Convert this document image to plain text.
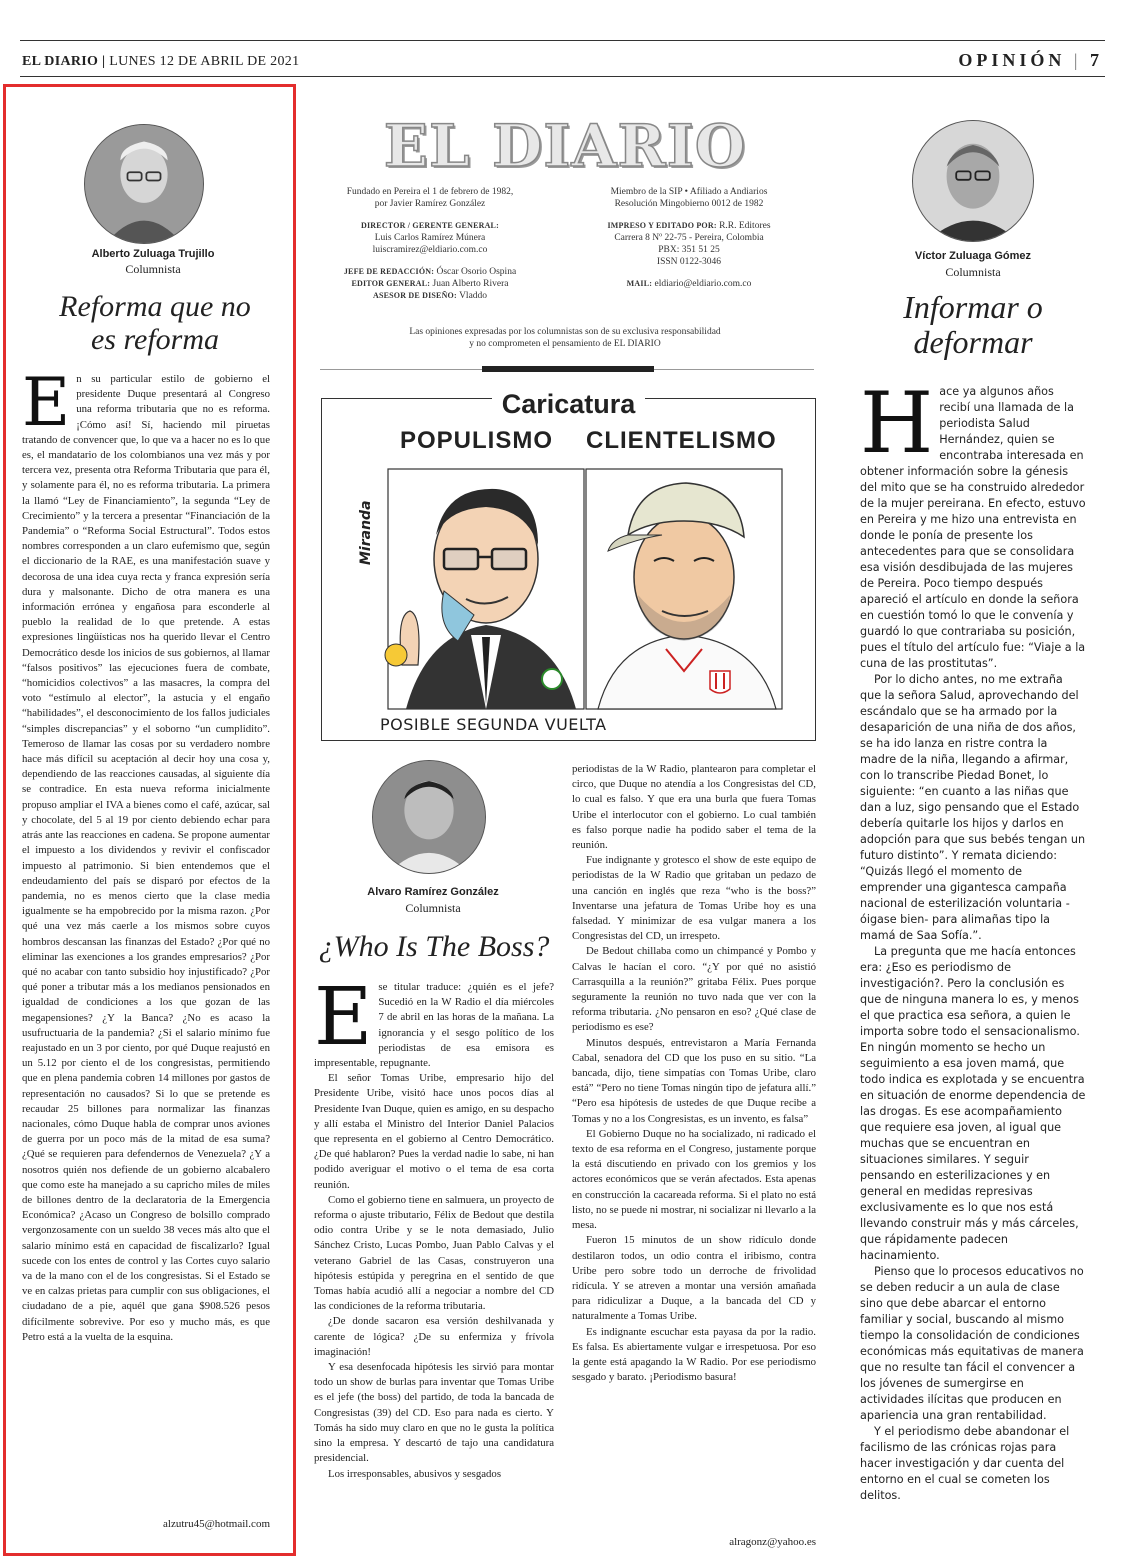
EL DIARIO | LUNES 12 DE ABRIL DE 2021	OPINIÓN | 7
Alberto Zuluaga Trujillo
Columnista
Reforma que no
es reforma

En su particular estilo de gobierno el presidente Duque presentará al Congreso una reforma tributaria que no es reforma. ¡Cómo así! Sí, haciendo mil piruetas tratando de convencer que, lo que va a hacer no es lo que es, el mandatario de los colombianos una vez más y por tercera vez, presenta otra Reforma Tributaria que para él, y solamente para él, no es reforma tributaria. La primera la llamó “Ley de Financiamiento”, la segunda “Ley de Crecimiento” y la tercera a presentar “Financiación de la Pandemia” o “Reforma Social Estructural”. Todos estos nombres corresponden a un claro eufemismo que, según el diccionario de la RAE, es una manifestación suave y decorosa de una idea cuya recta y franca expresión sería dura y malsonante. Dicho de otra manera es una información errónea y engañosa para esconderle al pueblo la realidad de lo que pretende. A estas expresiones lingüísticas nos ha querido llevar el Centro Democrático desde los inicios de sus gobiernos, al llamar “falsos positivos” las ejecuciones fuera de combate, “homicidios colectivos” a las masacres, la compra del voto “estímulo al elector”, la astucia y el engaño “habilidades”, el desconocimiento de los fallos judiciales “simples discrepancias” y el soborno “un cumplidito”. Temeroso de llamar las cosas por su verdadero nombre hace más difícil su aceptación al decir hoy una cosa y, dependiendo de las reacciones causadas, al siguiente día se contradice. En esta nueva reforma inicialmente propuso ampliar el IVA a bienes como el café, azúcar, sal y chocolate, del 5 al 19 por ciento debiendo echar para atrás ante las reacciones en cadena. Se propone aumentar el impuesto a los dividendos y revivir el confiscador impuesto al patrimonio. Si bien entendemos que el endeudamiento del país se disparó por efectos de la pandemia, no es menos cierto que la clase media igualmente se ha empobrecido por la misma razon. ¿Por qué una vez más caerle a los mismos sobre cuyos hombros descansan las finanzas del Estado? ¿Por qué no eliminar las exenciones a los grandes empresarios? ¿Por qué no acabar con tanto subsidio hoy injustificado? ¿Por qué poner a tributar más a los medianos pensionados en igualdad de condiciones a los que gozan de las megapensiones? ¿Y la Banca? ¿No es acaso la usufructuaria de la pandemia? ¿Si el salario mínimo fue reajustado en un 3 por ciento, por qué Duque reajustó en un 5.12 por ciento el de los congresistas, permitiendo que en plena pandemia cobren 14 millones por gastos de representación no causados? Si lo que se pretende es recaudar 25 billones para normalizar las finanzas nacionales, cómo Duque habla de comprar unos aviones de guerra por un poco más de la mitad de esa suma? ¿Qué se requieren para defendernos de Venezuela? ¿Y a nosotros quién nos defiende de un gobierno alcabalero que como este ha manejado a su capricho miles de miles de billones dentro de la declaratoria de la Emergencia Económica? ¿Acaso un Congreso de bolsillo comprado vergonzosamente con un sueldo 38 veces más alto que el salario mínimo está en capacidad de fiscalizarlo? Igual sucede con los entes de control y las Cortes cuyo salario va de la mano con el de los congresistas. Si el Estado se ve en calzas prietas para cumplir con sus obligaciones, el ciudadano de a pie, aquél que gana $908.526 pesos difícilmente sobrevive. Por eso y mucho más, es que Petro está a la vuelta de la esquina.

alzutru45@hotmail.com
EL DIARIO
Fundado en Pereira el 1 de febrero de 1982,
por Javier Ramírez González
DIRECTOR / GERENTE GENERAL:
Luis Carlos Ramírez Múnera
luiscramirez@eldiario.com.co
JEFE DE REDACCIÓN: Óscar Osorio Ospina
EDITOR GENERAL: Juan Alberto Rivera
ASESOR DE DISEÑO: Vladdo
Miembro de la SIP • Afiliado a Andiarios
Resolución Mingobierno 0012 de 1982
IMPRESO Y EDITADO POR: R.R. Editores
Carrera 8 Nº 22-75 - Pereira, Colombia
PBX: 351 51 25
ISSN 0122-3046
MAIL: eldiario@eldiario.com.co
Las opiniones expresadas por los columnistas son de su exclusiva responsabilidad
y no comprometen el pensamiento de EL DIARIO
Caricatura
POPULISMO CLIENTELISMO
Miranda
POSIBLE SEGUNDA VUELTA
Alvaro Ramírez González
Columnista
¿Who Is The Boss?

Ese titular traduce: ¿quién es el jefe? Sucedió en la W Radio el día miércoles 7 de abril en las horas de la mañana. La ignorancia y el sesgo político de los periodistas de esa emisora es impresentable, repugnante.

El señor Tomas Uribe, empresario hijo del Presidente Uribe, visitó hace unos pocos días al Presidente Ivan Duque, quien es amigo, en su despacho y allí estaba el Ministro del Interior Daniel Palacios que representa en el gobierno al Centro Democrático. ¿De qué hablaron? Pues la verdad nadie lo sabe, ni han podido averiguar el motivo o el tema de esa corta reunión.

Como el gobierno tiene en salmuera, un proyecto de reforma o ajuste tributario, Félix de Bedout que destila odio contra Uribe y se le nota demasiado, Julio Sánchez Cristo, Lucas Pombo, Juan Pablo Calvas y el veterano Gabriel de las Casas, construyeron una hipótesis estúpida y peregrina en el sentido de que Tomas había acudió allí a negociar a nombre del CD las condiciones de la reforma tributaria.

¿De donde sacaron esa versión deshilvanada y carente de lógica? ¿De su enfermiza y frívola imaginación!

Y esa desenfocada hipótesis les sirvió para montar todo un show de burlas para inventar que Tomas Uribe es el jefe (the boss) del partido, de toda la bancada de Congresistas (39) del CD. Eso para nada es cierto. Y Tomás ha sido muy claro en que no le gusta la política sino la empresa. Y descartó de tajo una candidatura presidencial.

Los irresponsables, abusivos y sesgados

periodistas de la W Radio, plantearon para completar el circo, que Duque no atendía a los Congresistas del CD, lo cual es falso. Y que era una burla que fuera Tomas Uribe el interlocutor con el gobierno. Lo cual también es falso porque nadie ha podido saber el tema de la reunión.

Fue indignante y grotesco el show de este equipo de periodistas de la W Radio que gritaban un pedazo de una canción en inglés que reza “who is the boss?” Inventarse una jefatura de Tomas Uribe hoy es una falsedad. Y minimizar de esa vulgar manera a los Congresistas del CD, un irrespeto.

De Bedout chillaba como un chimpancé y Pombo y Calvas le hacían el coro. “¿Y por qué no asistió Carrasquilla a la reunión?” gritaba Félix. Pues porque seguramente la reunión no tuvo nada que ver con la reforma tributaria. ¿No pensaron en eso? ¿Qué clase de periodismo es ese?

Minutos después, entrevistaron a María Fernanda Cabal, senadora del CD que los puso en su sitio. “La bancada, dijo, tiene simpatías con Tomas Uribe, claro está” “Pero no tiene Tomas ningún tipo de jefatura allí.” “Pero esa hipótesis de ustedes de que Duque recibe a Tomas y no a los Congresistas, es un invento, es falsa”

El Gobierno Duque no ha socializado, ni radicado el texto de esa reforma en el Congreso, justamente porque la está discutiendo en privado con los gremios y los actores económicos que se verán afectados. Esta apenas en construcción la cacareada reforma. Si el plato no está listo, no se puede ni mostrar, ni socializar ni llevarlo a la mesa.

Fueron 15 minutos de un show ridículo donde destilaron todos, un odio contra el iribismo, contra Uribe pero sobre todo un derroche de frivolidad ridícula. Y se atreven a montar una versión amañada para ridiculizar a Duque, a la bancada del CD y naturalmente a Tomas Uribe.

Es indignante escuchar esta payasa da por la radio. Es falsa. Es abiertamente vulgar e irrespetuosa. Por eso la gente está apagando la W Radio. Por ese periodismo sesgado y barato. ¡Periodismo basura!

alragonz@yahoo.es
Víctor Zuluaga Gómez
Columnista
Informar o
deformar

Hace ya algunos años recibí una llamada de la periodista Salud Hernández, quien se encontraba interesada en obtener información sobre la génesis del mito que se ha construido alrededor de la mujer pereirana. En efecto, estuvo en Pereira y me hizo una entrevista en donde le ponía de presente los antecedentes para que se consolidara esa visión desdibujada de las mujeres de Pereira. Poco tiempo después apareció el artículo en donde la señora en cuestión tomó lo que le convenía y guardó lo que contrariaba su posición, pues el título del artículo fue: “Viaje a la cuna de las prostitutas”.

Por lo dicho antes, no me extraña que la señora Salud, aprovechando del escándalo que se ha armado por la desaparición de una niña de dos años, se ha ido lanza en ristre contra la madre de la niña, llegando a afirmar, con lo transcribe Piedad Bonet, lo siguiente: “en cuanto a las niñas que dan a luz, sigo pensando que el Estado debería quitarle los hijos y darlos en adopción para que sus bebés tengan un futuro distinto”. Y remata diciendo: “Quizás llegó el momento de emprender una gigantesca campaña nacional de esterilización voluntaria - óigase bien- para alimañas tipo la mamá de Saa Sofía.”.

La pregunta que me hacía entonces era: ¿Eso es periodismo de investigación?. Pero la conclusión es que de ninguna manera lo es, y menos el que practica esa señora, a quien le importa sobre todo el sensacionalismo. En ningún momento se hecho un seguimiento a esa joven mamá, que todo indica es explotada y se encuentra en situación de enorme dependencia de las drogas. Es ese acompañamiento que requiere esa joven, al igual que muchas que se encuentran en situaciones similares. Y seguir pensando en esterilizaciones y en general en medidas represivas exclusivamente es lo que nos está llevando construir más y más cárceles, que rápidamente padecen hacinamiento.

Pienso que lo procesos educativos no se deben reducir a un aula de clase sino que debe abarcar el entorno familiar y social, buscando al mismo tiempo la consolidación de condiciones económicas más equitativas de manera que no resulte tan fácil el convencer a los jóvenes de sumergirse en actividades ilícitas que producen en apariencia una gran rentabilidad.

Y el periodismo debe abandonar el facilismo de las crónicas rojas para hacer investigación y dar cuenta del entorno en el cual se cometen los delitos.
